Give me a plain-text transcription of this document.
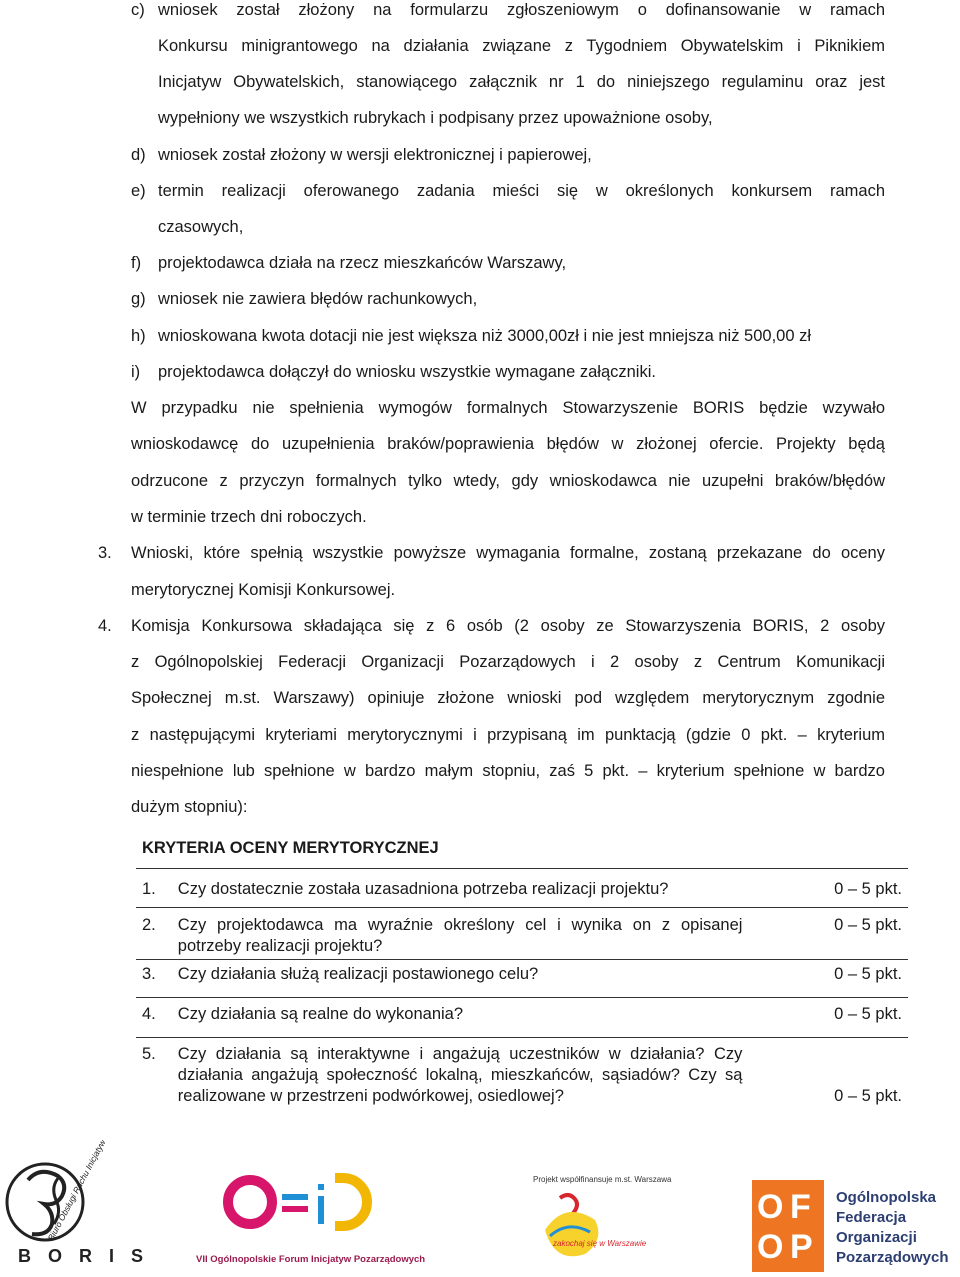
c) wniosek został złożony na formularzu zgłoszeniowym o dofinansowanie w ramach
Konkursu minigrantowego na działania związane z Tygodniem Obywatelskim i Piknikiem
Inicjatyw Obywatelskich, stanowiącego załącznik nr 1 do niniejszego regulaminu oraz jest
wypełniony we wszystkich rubrykach i podpisany przez upoważnione osoby,
d) wniosek został złożony w wersji elektronicznej i papierowej,
e) termin realizacji oferowanego zadania mieści się w określonych konkursem ramach
czasowych,
f) projektodawca działa na rzecz mieszkańców Warszawy,
g) wniosek nie zawiera błędów rachunkowych,
h) wnioskowana kwota dotacji nie jest większa niż 3000,00zł i nie jest mniejsza niż 500,00 zł
i) projektodawca dołączył do wniosku wszystkie wymagane załączniki.
W przypadku nie spełnienia wymogów formalnych Stowarzyszenie BORIS będzie wzywało
wnioskodawcę do uzupełnienia braków/poprawienia błędów w złożonej ofercie. Projekty będą
odrzucone z przyczyn formalnych tylko wtedy, gdy wnioskodawca nie uzupełni braków/błędów
w terminie trzech dni roboczych.
3. Wnioski, które spełnią wszystkie powyższe wymagania formalne, zostaną przekazane do oceny
merytorycznej Komisji Konkursowej.
4. Komisja Konkursowa składająca się z 6 osób (2 osoby ze Stowarzyszenia BORIS, 2 osoby
z Ogólnopolskiej Federacji Organizacji Pozarządowych i 2 osoby z Centrum Komunikacji
Społecznej m.st. Warszawy) opiniuje złożone wnioski pod względem merytorycznym zgodnie
z następującymi kryteriami merytorycznymi i przypisaną im punktacją (gdzie 0 pkt. – kryterium
niespełnione lub spełnione w bardzo małym stopniu, zaś 5 pkt. – kryterium spełnione w bardzo
dużym stopniu):
KRYTERIA OCENY MERYTORYCZNEJ		
1.	Czy dostatecznie została uzasadniona potrzeba realizacji projektu?	0 – 5 pkt.
2.	Czy projektodawca ma wyraźnie określony cel i wynika on z opisanej potrzeby realizacji projektu?	0 – 5 pkt.
3.	Czy działania służą realizacji postawionego celu?	0 – 5 pkt.
4.	Czy działania są realne do wykonania?	0 – 5 pkt.
5.	Czy działania są interaktywne i angażują uczestników w działania? Czy działania angażują społeczność lokalną, mieszkańców, sąsiadów? Czy są realizowane w przestrzeni podwórkowej, osiedlowej?	0 – 5 pkt.
B O R I S
Biuro Obsługi Ruchu Inicjatyw Społecznych
VII Ogólnopolskie Forum Inicjatyw Pozarządowych
Projekt współfinansuje m.st. Warszawa
zakochaj się w Warszawie
O F
O P
Ogólnopolska
Federacja
Organizacji
Pozarządowych
